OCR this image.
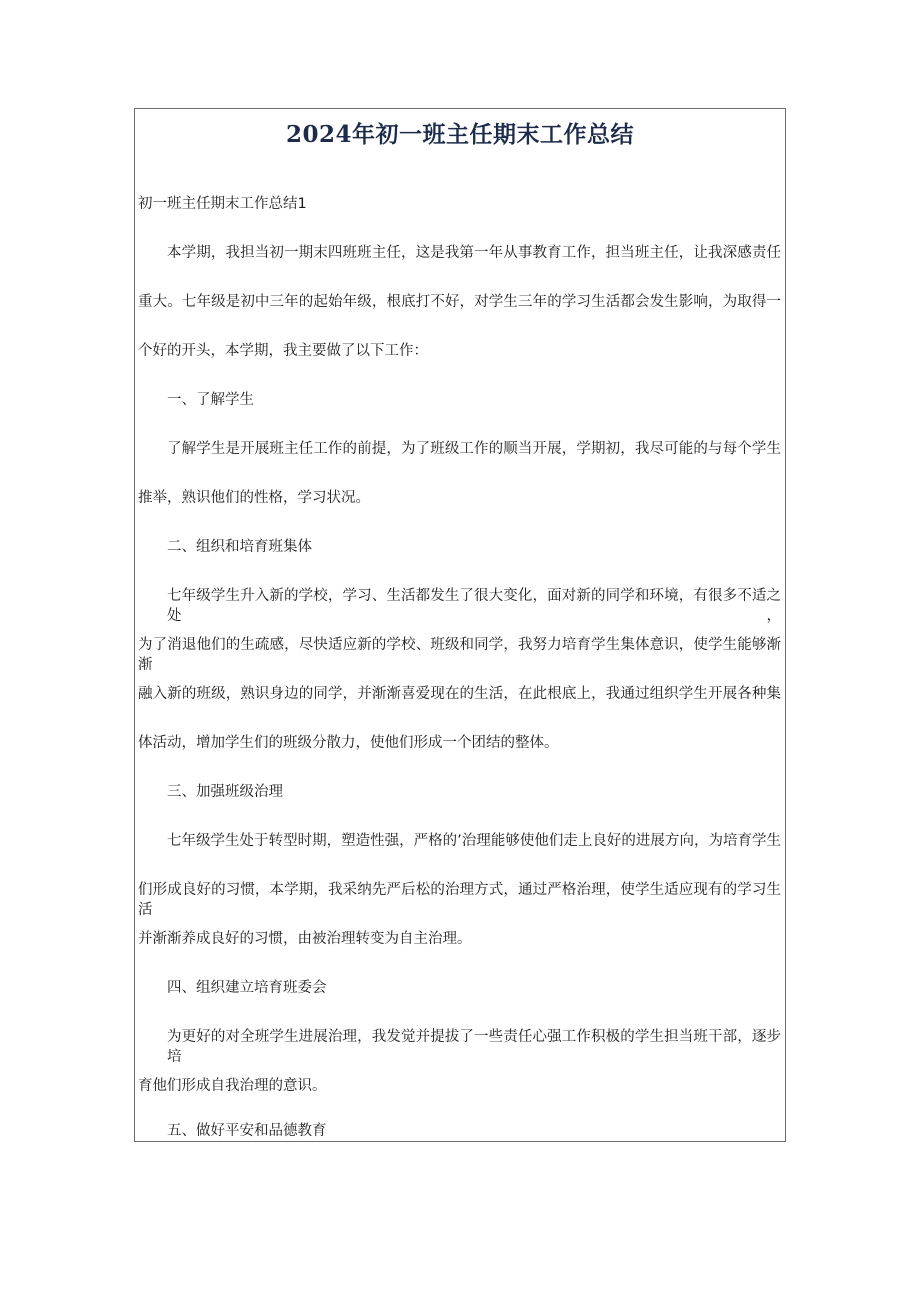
2024年初一班主任期末工作总结
初一班主任期末工作总结1
本学期，我担当初一期末四班班主任，这是我第一年从事教育工作，担当班主任，让我深感责任
重大。七年级是初中三年的起始年级，根底打不好，对学生三年的学习生活都会发生影响，为取得一
个好的开头，本学期，我主要做了以下工作：
一、了解学生
了解学生是开展班主任工作的前提，为了班级工作的顺当开展，学期初，我尽可能的与每个学生
推举，熟识他们的性格，学习状况。
二、组织和培育班集体
七年级学生升入新的学校，学习、生活都发生了很大变化，面对新的同学和环境，有很多不适之处，
为了消退他们的生疏感，尽快适应新的学校、班级和同学，我努力培育学生集体意识，使学生能够渐渐
融入新的班级，熟识身边的同学，并渐渐喜爱现在的生活，在此根底上，我通过组织学生开展各种集
体活动，增加学生们的班级分散力，使他们形成一个团结的整体。
三、加强班级治理
七年级学生处于转型时期，塑造性强，严格的’治理能够使他们走上良好的进展方向，为培育学生
们形成良好的习惯，本学期，我采纳先严后松的治理方式，通过严格治理，使学生适应现有的学习生活
并渐渐养成良好的习惯，由被治理转变为自主治理。
四、组织建立培育班委会
为更好的对全班学生进展治理，我发觉并提拔了一些责任心强工作积极的学生担当班干部，逐步培
育他们形成自我治理的意识。
五、做好平安和品德教育
